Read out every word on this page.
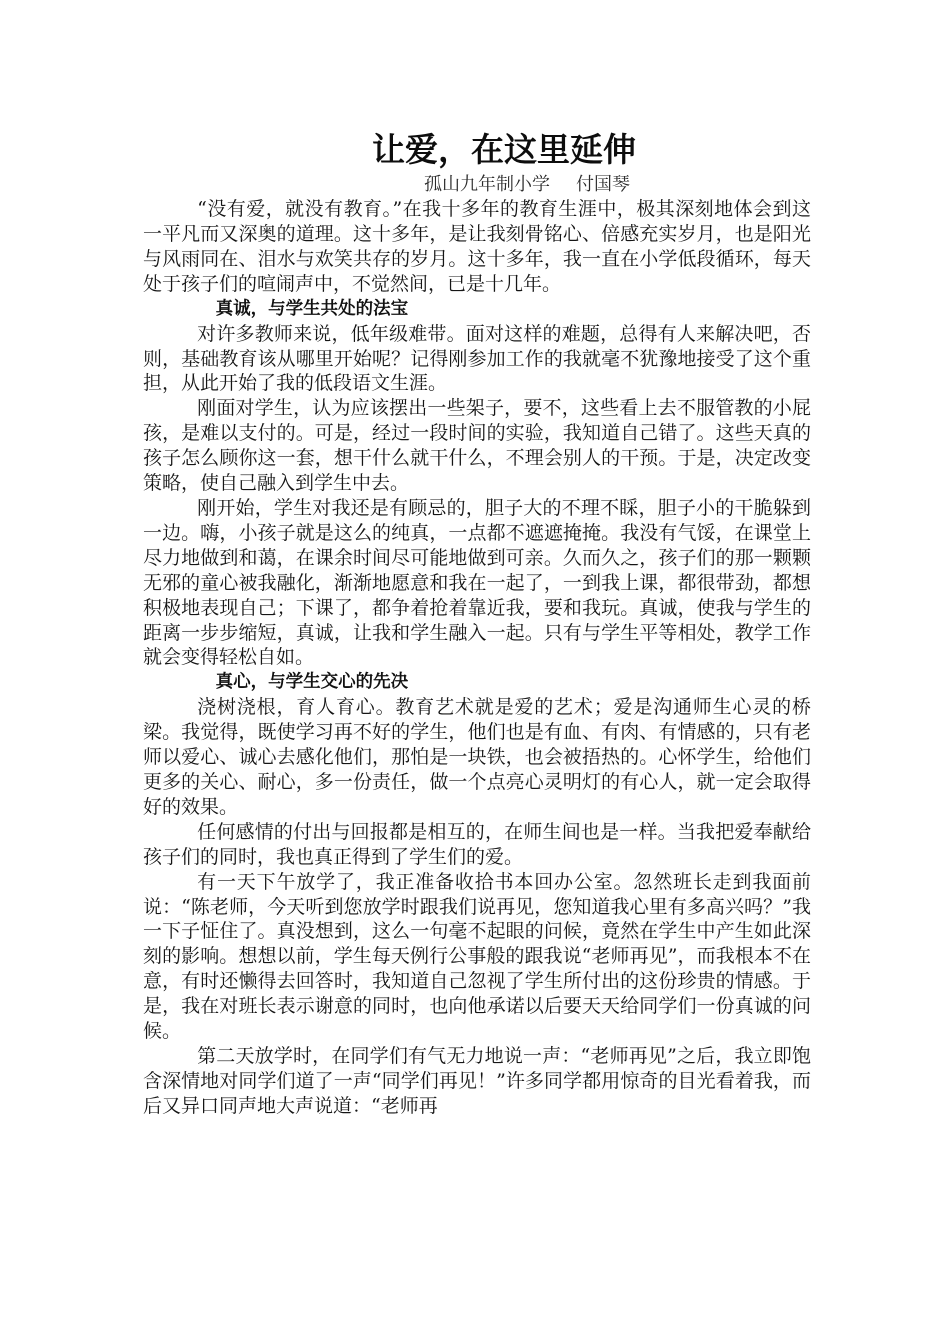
让爱，在这里延伸
孤山九年制小学 付国琴

“没有爱，就没有教育。”在我十多年的教育生涯中，极其深刻地体会到这一平凡而又深奥的道理。这十多年，是让我刻骨铭心、倍感充实岁月，也是阳光与风雨同在、泪水与欢笑共存的岁月。这十多年，我一直在小学低段循环，每天处于孩子们的喧闹声中，不觉然间，已是十几年。

真诚，与学生共处的法宝

对许多教师来说，低年级难带。面对这样的难题，总得有人来解决吧，否则，基础教育该从哪里开始呢？记得刚参加工作的我就毫不犹豫地接受了这个重担，从此开始了我的低段语文生涯。

刚面对学生，认为应该摆出一些架子，要不，这些看上去不服管教的小屁孩，是难以支付的。可是，经过一段时间的实验，我知道自己错了。这些天真的孩子怎么顾你这一套，想干什么就干什么，不理会别人的干预。于是，决定改变策略，使自己融入到学生中去。

刚开始，学生对我还是有顾忌的，胆子大的不理不睬，胆子小的干脆躲到一边。嗨，小孩子就是这么的纯真，一点都不遮遮掩掩。我没有气馁，在课堂上尽力地做到和蔼，在课余时间尽可能地做到可亲。久而久之，孩子们的那一颗颗无邪的童心被我融化，渐渐地愿意和我在一起了，一到我上课，都很带劲，都想积极地表现自己；下课了，都争着抢着靠近我，要和我玩。真诚，使我与学生的距离一步步缩短，真诚，让我和学生融入一起。只有与学生平等相处，教学工作就会变得轻松自如。

真心，与学生交心的先决

浇树浇根，育人育心。教育艺术就是爱的艺术；爱是沟通师生心灵的桥梁。我觉得，既使学习再不好的学生，他们也是有血、有肉、有情感的，只有老师以爱心、诚心去感化他们，那怕是一块铁，也会被捂热的。心怀学生，给他们更多的关心、耐心，多一份责任，做一个点亮心灵明灯的有心人，就一定会取得好的效果。

任何感情的付出与回报都是相互的，在师生间也是一样。当我把爱奉献给孩子们的同时，我也真正得到了学生们的爱。

有一天下午放学了，我正准备收拾书本回办公室。忽然班长走到我面前说：“陈老师，今天听到您放学时跟我们说再见，您知道我心里有多高兴吗？”我一下子怔住了。真没想到，这么一句毫不起眼的问候，竟然在学生中产生如此深刻的影响。想想以前，学生每天例行公事般的跟我说“老师再见”，而我根本不在意，有时还懒得去回答时，我知道自己忽视了学生所付出的这份珍贵的情感。于是，我在对班长表示谢意的同时，也向他承诺以后要天天给同学们一份真诚的问候。

第二天放学时，在同学们有气无力地说一声：“老师再见”之后，我立即饱含深情地对同学们道了一声“同学们再见！”许多同学都用惊奇的目光看着我，而后又异口同声地大声说道：“老师再
